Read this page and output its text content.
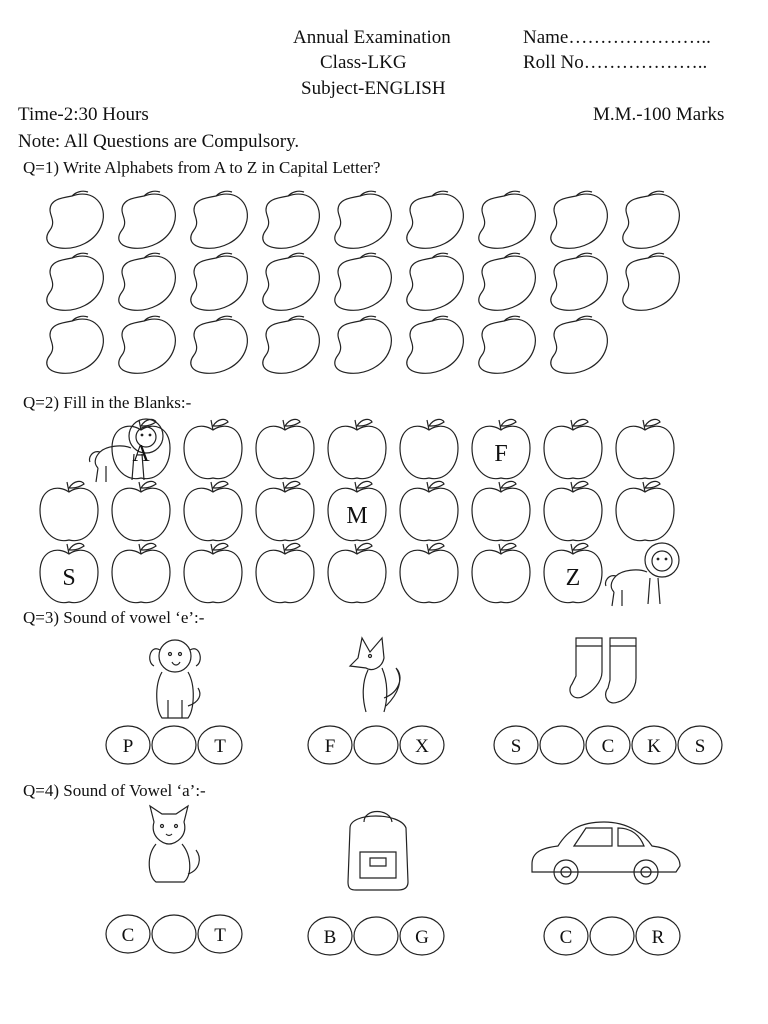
Annual Examination
Class-LKG
Subject-ENGLISH
Name…………………..
Roll No………………..
Time-2:30 Hours	M.M.-100 Marks
Note: All Questions are Compulsory.
Q=1) Write Alphabets from A to Z in Capital Letter?
Q=2) Fill in the Blanks:-
Q=3) Sound of vowel ‘e’:-
Q=4) Sound of Vowel ‘a’:-
A	F
M
S	Z
P	T	F	X	S	C K S
C	T	B	G	C	R
